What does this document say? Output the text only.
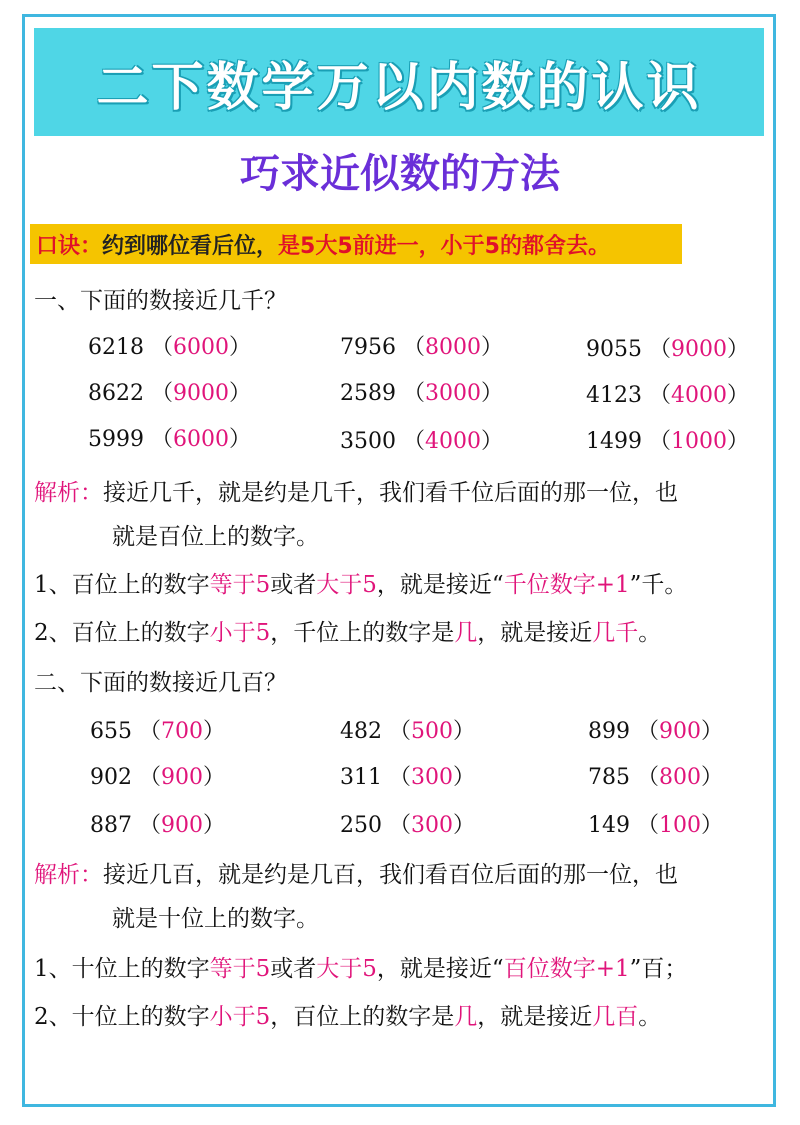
二下数学万以内数的认识
巧求近似数的方法
口诀： 约到哪位看后位， 是5大5前进一，小于5的都舍去。
一、下面的数接近几千？
6218 （6000）	7956 （8000）	9055 （9000）
8622 （9000）	2589 （3000）	4123 （4000）
5999 （6000）	3500 （4000）	1499 （1000）
解析：接近几千，就是约是几千，我们看千位后面的那一位，也
就是百位上的数字。
1、百位上的数字等于5或者大于5，就是接近“千位数字+1”千。
2、百位上的数字小于5，千位上的数字是几，就是接近几千。
二、下面的数接近几百？
655 （700）	482 （500）	899 （900）
902 （900）	311 （300）	785 （800）
887 （900）	250 （300）	149 （100）
解析：接近几百，就是约是几百，我们看百位后面的那一位，也
就是十位上的数字。
1、十位上的数字等于5或者大于5，就是接近“百位数字+1”百；
2、十位上的数字小于5，百位上的数字是几，就是接近几百。
